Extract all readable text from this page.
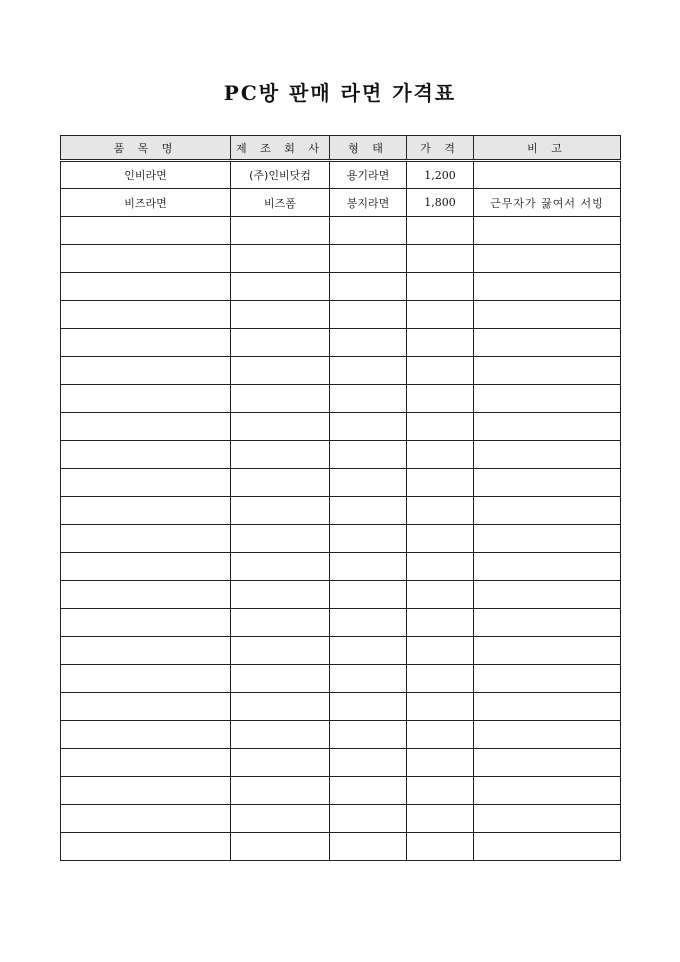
PC방 판매 라면 가격표
품 목 명	제 조 회 사	형 태	가 격	비 고
인비라면	(주)인비닷컴	용기라면	1,200	
비즈라면	비즈폼	봉지라면	1,800	근무자가 끓여서 서빙
